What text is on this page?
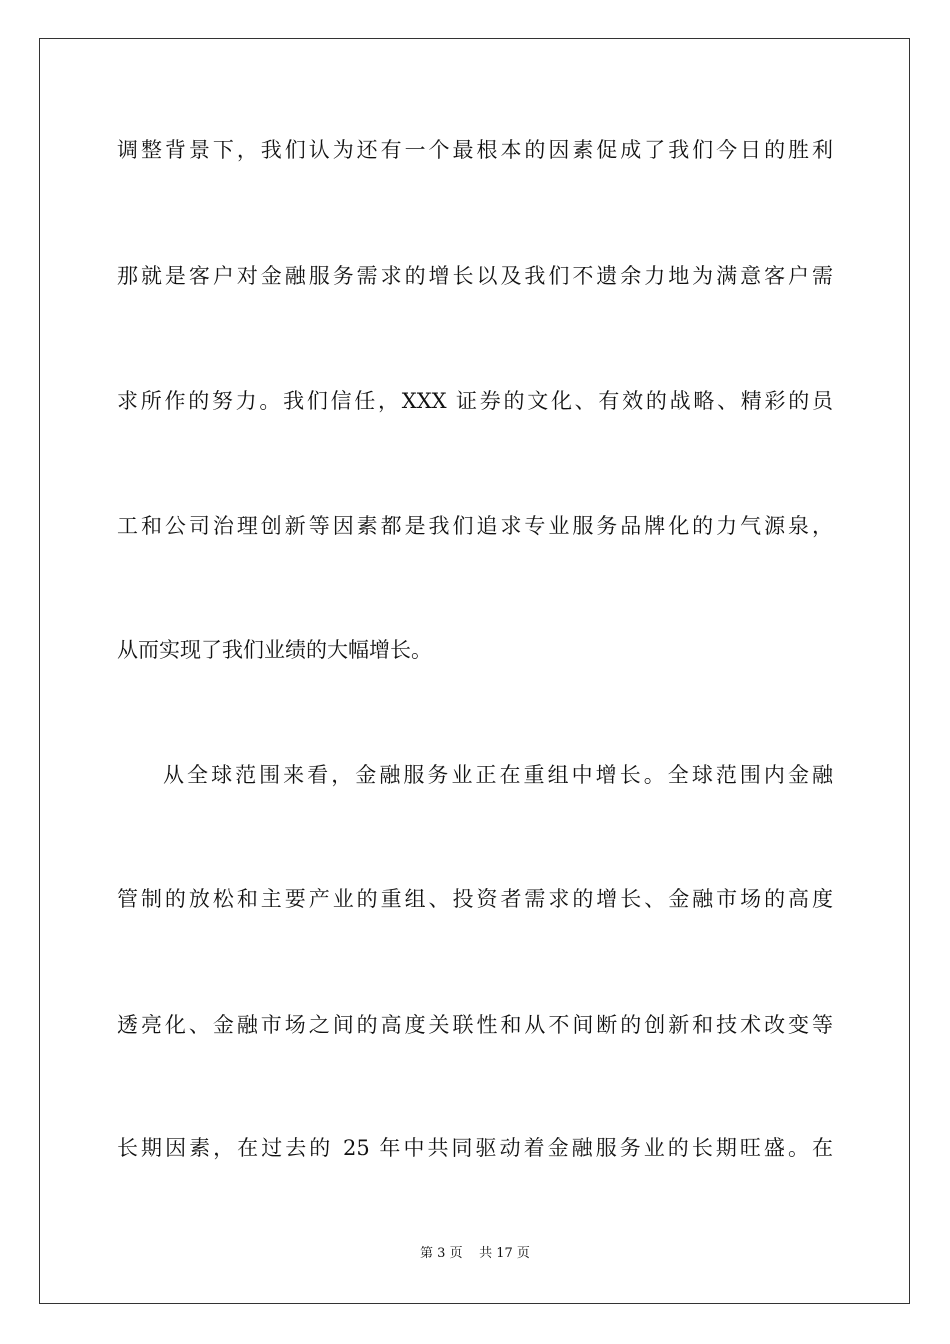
调整背景下，我们认为还有一个最根本的因素促成了我们今日的胜利
那就是客户对金融服务需求的增长以及我们不遗余力地为满意客户需
求所作的努力。我们信任，XXX 证券的文化、有效的战略、精彩的员
工和公司治理创新等因素都是我们追求专业服务品牌化的力气源泉，
从而实现了我们业绩的大幅增长。
从全球范围来看，金融服务业正在重组中增长。全球范围内金融
管制的放松和主要产业的重组、投资者需求的增长、金融市场的高度
透亮化、金融市场之间的高度关联性和从不间断的创新和技术改变等
长期因素，在过去的 25 年中共同驱动着金融服务业的长期旺盛。在
第 3 页 共 17 页
